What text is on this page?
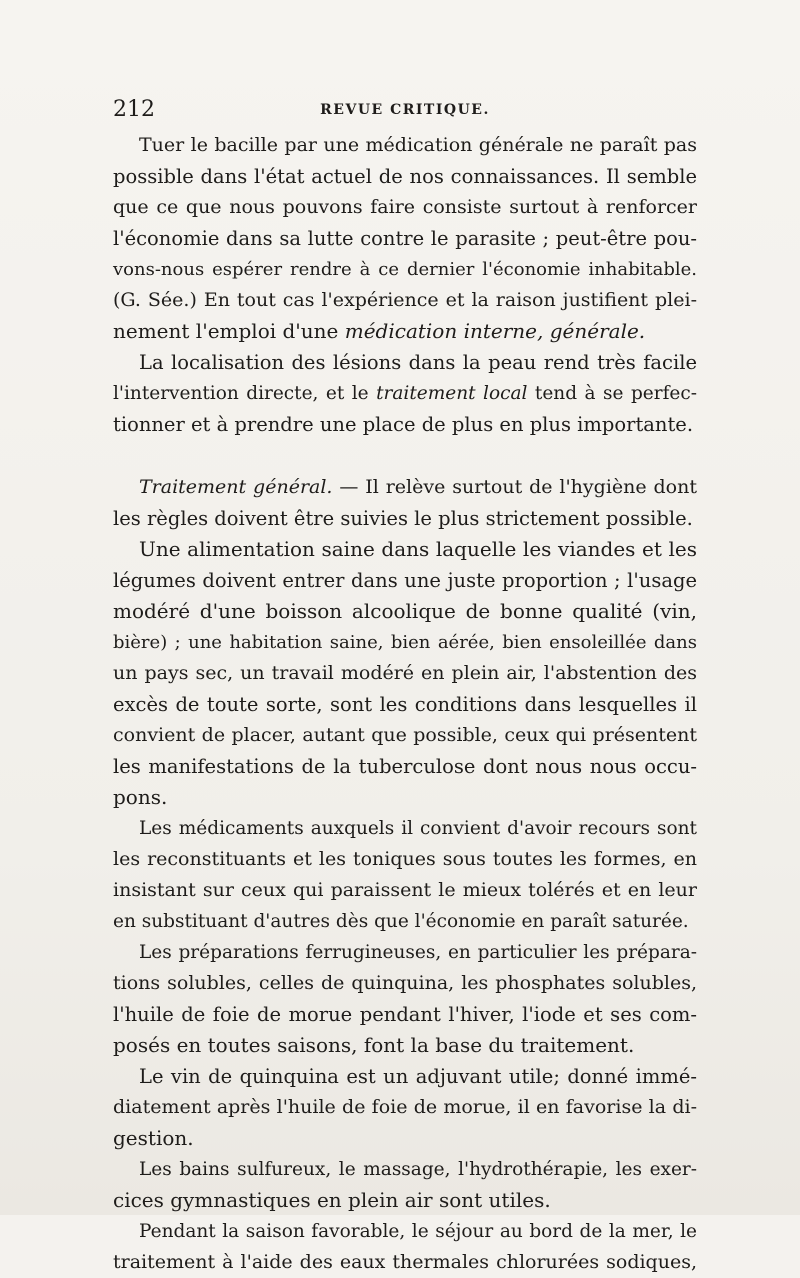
212	REVUE CRITIQUE.
Tuer le bacille par une médication générale ne paraît pas
possible dans l'état actuel de nos connaissances. Il semble
que ce que nous pouvons faire consiste surtout à renforcer
l'économie dans sa lutte contre le parasite ; peut-être pou-
vons-nous espérer rendre à ce dernier l'économie inhabitable.
(G. Sée.) En tout cas l'expérience et la raison justifient plei-
nement l'emploi d'une médication interne, générale.
La localisation des lésions dans la peau rend très facile
l'intervention directe, et le traitement local tend à se perfec-
tionner et à prendre une place de plus en plus importante.
Traitement général. — Il relève surtout de l'hygiène dont
les règles doivent être suivies le plus strictement possible.
Une alimentation saine dans laquelle les viandes et les
légumes doivent entrer dans une juste proportion ; l'usage
modéré d'une boisson alcoolique de bonne qualité (vin,
bière) ; une habitation saine, bien aérée, bien ensoleillée dans
un pays sec, un travail modéré en plein air, l'abstention des
excès de toute sorte, sont les conditions dans lesquelles il
convient de placer, autant que possible, ceux qui présentent
les manifestations de la tuberculose dont nous nous occu-
pons.
Les médicaments auxquels il convient d'avoir recours sont
les reconstituants et les toniques sous toutes les formes, en
insistant sur ceux qui paraissent le mieux tolérés et en leur
en substituant d'autres dès que l'économie en paraît saturée.
Les préparations ferrugineuses, en particulier les prépara-
tions solubles, celles de quinquina, les phosphates solubles,
l'huile de foie de morue pendant l'hiver, l'iode et ses com-
posés en toutes saisons, font la base du traitement.
Le vin de quinquina est un adjuvant utile; donné immé-
diatement après l'huile de foie de morue, il en favorise la di-
gestion.
Les bains sulfureux, le massage, l'hydrothérapie, les exer-
cices gymnastiques en plein air sont utiles.
Pendant la saison favorable, le séjour au bord de la mer, le
traitement à l'aide des eaux thermales chlorurées sodiques,
